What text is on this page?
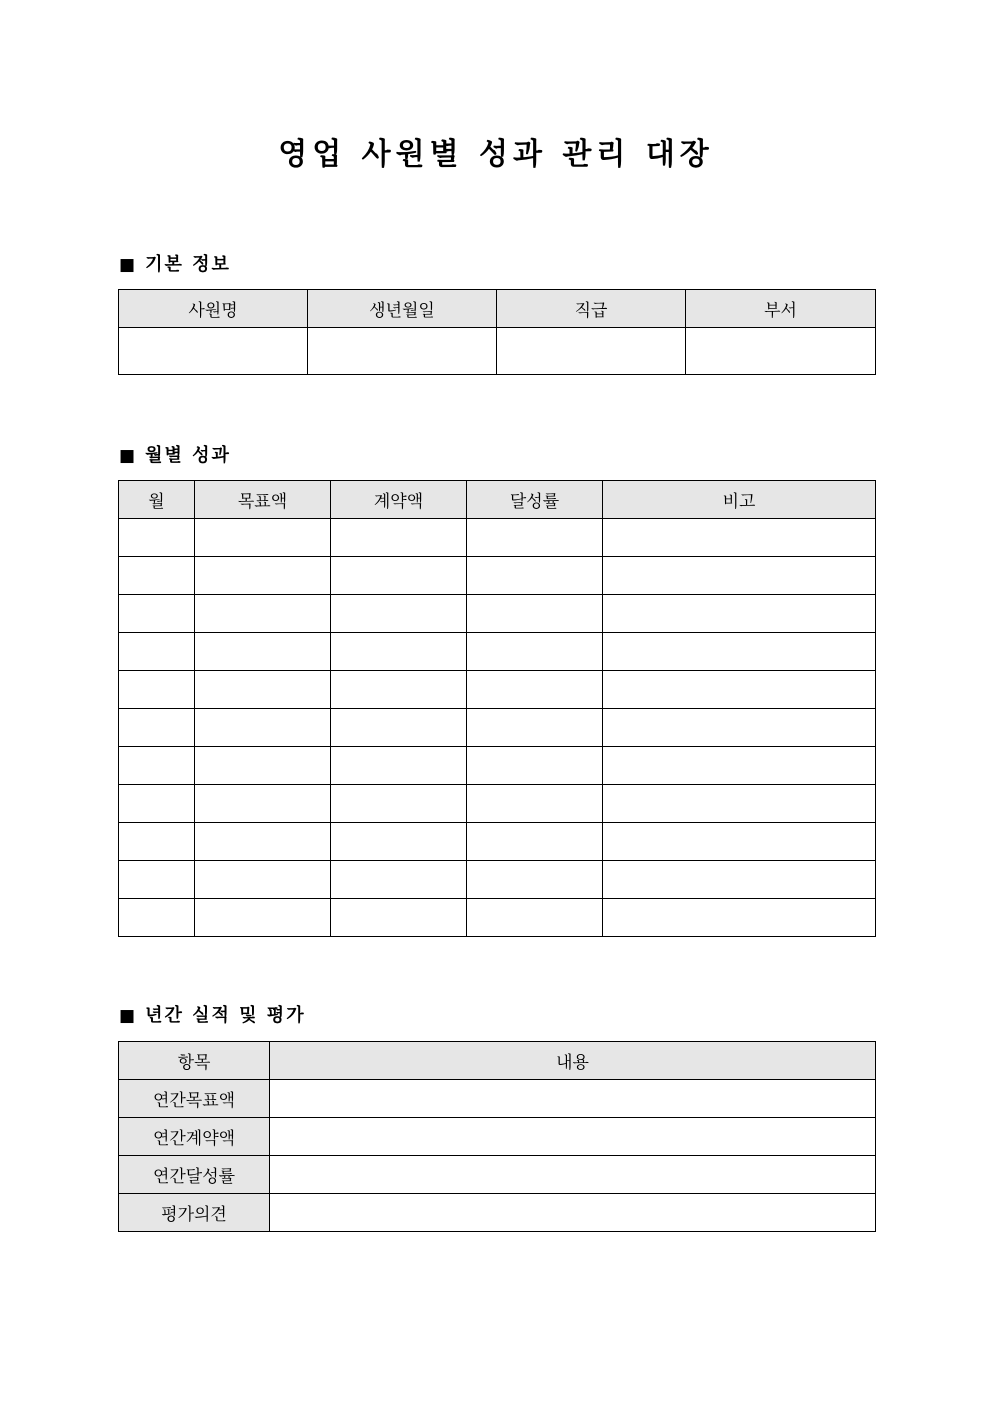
영업 사원별 성과 관리 대장
■ 기본 정보
사원명	생년월일	직급	부서

■ 월별 성과
월	목표액	계약액	달성률	비고

■ 년간 실적 및 평가
항목	내용
연간목표액	
연간계약액	
연간달성률	
평가의견	
